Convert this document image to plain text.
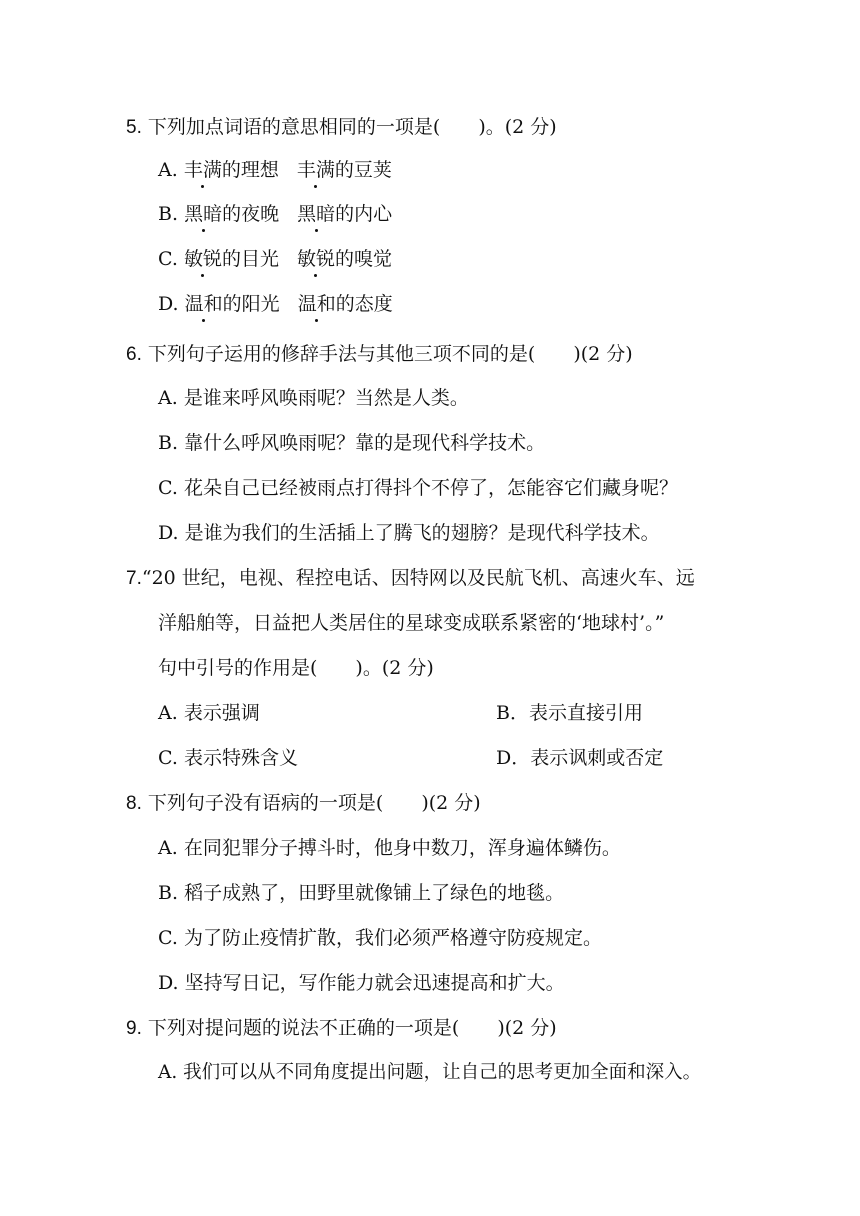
5. 下列加点词语的意思相同的一项是(　　)。(2 分)
A. 丰满的理想 丰满的豆荚
B. 黑暗的夜晚 黑暗的内心
C. 敏锐的目光 敏锐的嗅觉
D. 温和的阳光 温和的态度
6. 下列句子运用的修辞手法与其他三项不同的是(　　)(2 分)
A. 是谁来呼风唤雨呢？当然是人类。
B. 靠什么呼风唤雨呢？靠的是现代科学技术。
C. 花朵自己已经被雨点打得抖个不停了，怎能容它们藏身呢？
D. 是谁为我们的生活插上了腾飞的翅膀？是现代科学技术。
7.“20 世纪，电视、程控电话、因特网以及民航飞机、高速火车、远
洋船舶等，日益把人类居住的星球变成联系紧密的‘地球村’。”
句中引号的作用是(　　)。(2 分)
A. 表示强调	B．表示直接引用
C. 表示特殊含义	D．表示讽刺或否定
8. 下列句子没有语病的一项是(　　)(2 分)
A. 在同犯罪分子搏斗时，他身中数刀，浑身遍体鳞伤。
B. 稻子成熟了，田野里就像铺上了绿色的地毯。
C. 为了防止疫情扩散，我们必须严格遵守防疫规定。
D. 坚持写日记，写作能力就会迅速提高和扩大。
9. 下列对提问题的说法不正确的一项是(　　)(2 分)
A. 我们可以从不同角度提出问题，让自己的思考更加全面和深入。
